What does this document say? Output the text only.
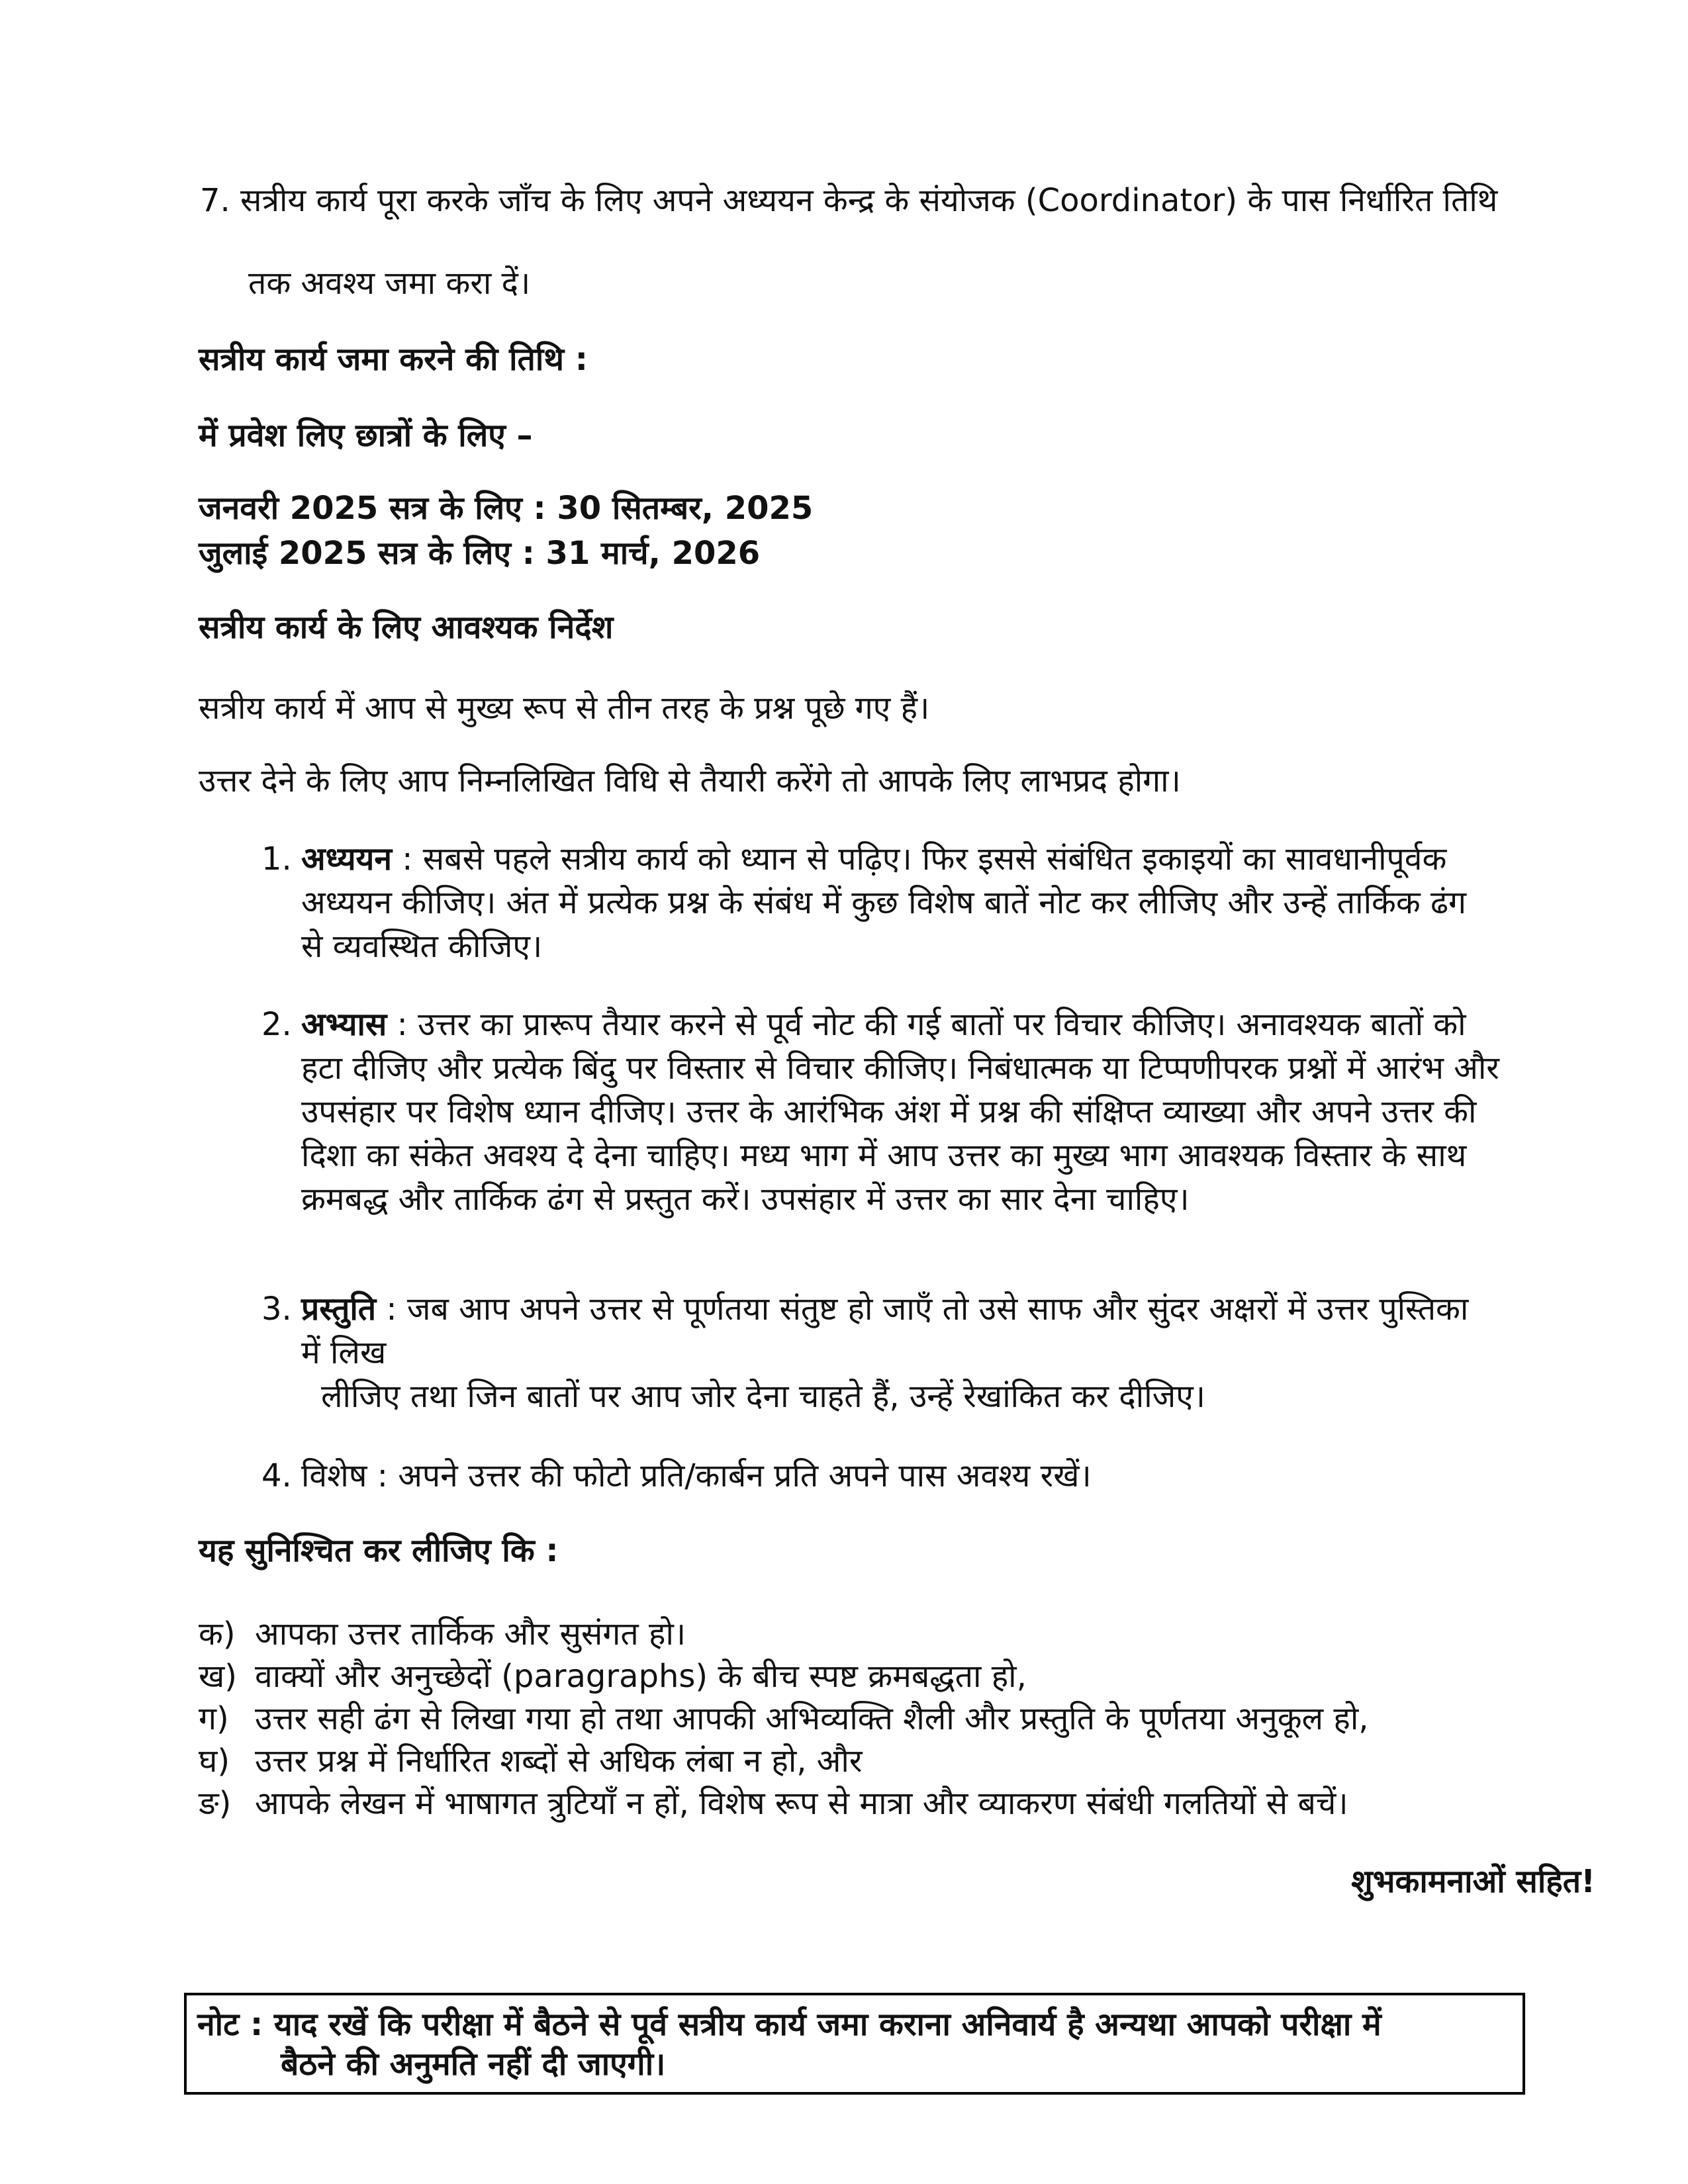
7. सत्रीय कार्य पूरा करके जाँच के लिए अपने अध्ययन केन्द्र के संयोजक (Coordinator) के पास निर्धारित तिथि
तक अवश्य जमा करा दें।
सत्रीय कार्य जमा करने की तिथि :
में प्रवेश लिए छात्रों के लिए –
जनवरी 2025 सत्र के लिए : 30 सितम्बर, 2025
जुलाई 2025 सत्र के लिए : 31 मार्च, 2026
सत्रीय कार्य के लिए आवश्यक निर्देश
सत्रीय कार्य में आप से मुख्य रूप से तीन तरह के प्रश्न पूछे गए हैं।
उत्तर देने के लिए आप निम्नलिखित विधि से तैयारी करेंगे तो आपके लिए लाभप्रद होगा।
1. अध्ययन : सबसे पहले सत्रीय कार्य को ध्यान से पढ़िए। फिर इससे संबंधित इकाइयों का सावधानीपूर्वक
अध्ययन कीजिए। अंत में प्रत्येक प्रश्न के संबंध में कुछ विशेष बातें नोट कर लीजिए और उन्हें तार्किक ढंग
से व्यवस्थित कीजिए।
2. अभ्यास : उत्तर का प्रारूप तैयार करने से पूर्व नोट की गई बातों पर विचार कीजिए। अनावश्यक बातों को
हटा दीजिए और प्रत्येक बिंदु पर विस्तार से विचार कीजिए। निबंधात्मक या टिप्पणीपरक प्रश्नों में आरंभ और
उपसंहार पर विशेष ध्यान दीजिए। उत्तर के आरंभिक अंश में प्रश्न की संक्षिप्त व्याख्या और अपने उत्तर की
दिशा का संकेत अवश्य दे देना चाहिए। मध्य भाग में आप उत्तर का मुख्य भाग आवश्यक विस्तार के साथ
क्रमबद्ध और तार्किक ढंग से प्रस्तुत करें। उपसंहार में उत्तर का सार देना चाहिए।
3. प्रस्तुति : जब आप अपने उत्तर से पूर्णतया संतुष्ट हो जाएँ तो उसे साफ और सुंदर अक्षरों में उत्तर पुस्तिका
में लिख
लीजिए तथा जिन बातों पर आप जोर देना चाहते हैं, उन्हें रेखांकित कर दीजिए।
4. विशेष : अपने उत्तर की फोटो प्रति/कार्बन प्रति अपने पास अवश्य रखें।
यह सुनिश्चित कर लीजिए कि :
क) आपका उत्तर तार्किक और सुसंगत हो।
ख) वाक्यों और अनुच्छेदों (paragraphs) के बीच स्पष्ट क्रमबद्धता हो,
ग) उत्तर सही ढंग से लिखा गया हो तथा आपकी अभिव्यक्ति शैली और प्रस्तुति के पूर्णतया अनुकूल हो,
घ) उत्तर प्रश्न में निर्धारित शब्दों से अधिक लंबा न हो, और
ङ) आपके लेखन में भाषागत त्रुटियाँ न हों, विशेष रूप से मात्रा और व्याकरण संबंधी गलतियों से बचें।
शुभकामनाओं सहित!
नोट : याद रखें कि परीक्षा में बैठने से पूर्व सत्रीय कार्य जमा कराना अनिवार्य है अन्यथा आपको परीक्षा में
बैठने की अनुमति नहीं दी जाएगी।
